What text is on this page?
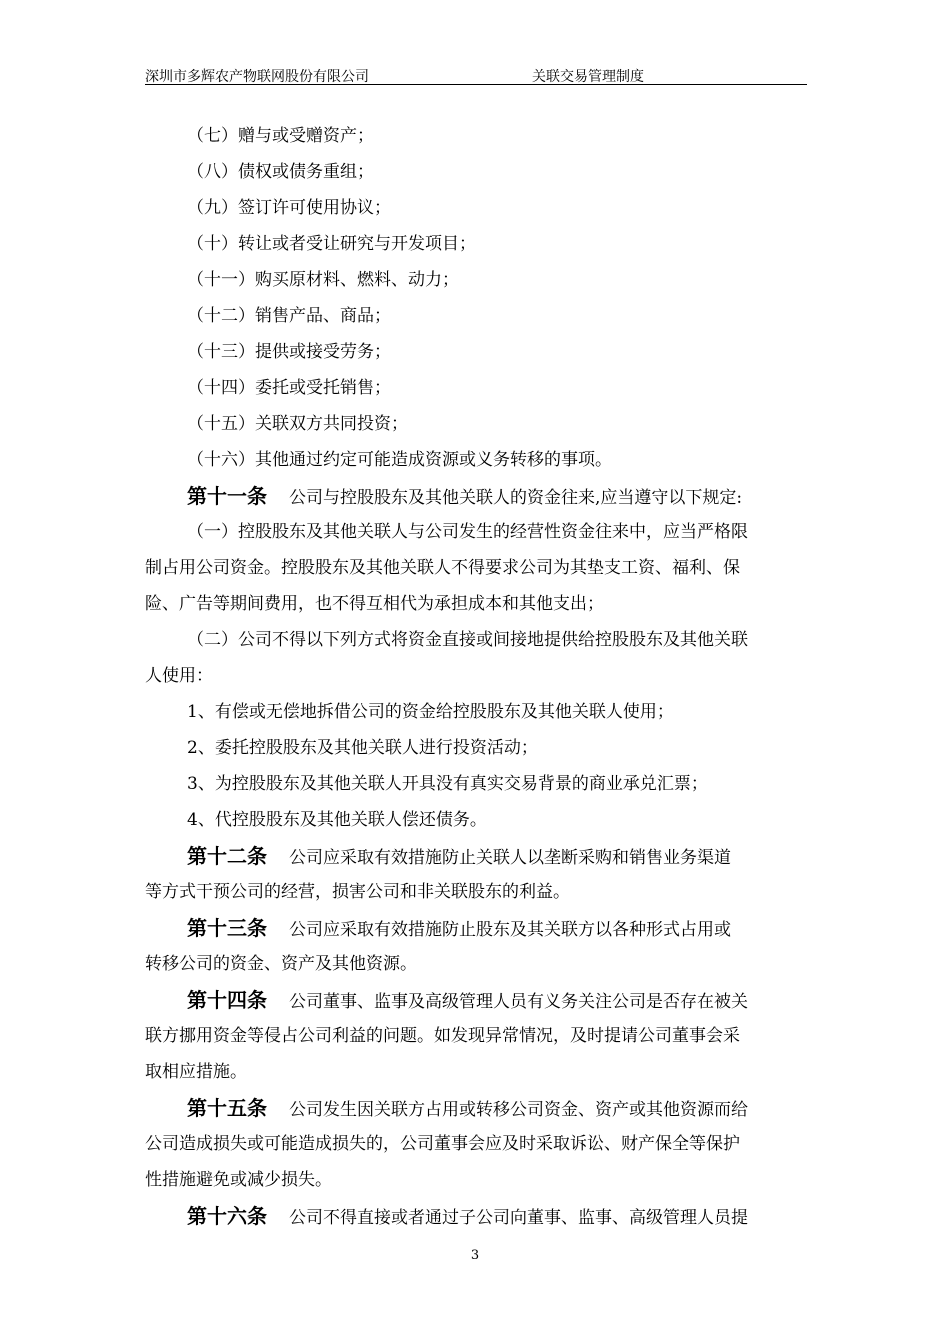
深圳市多辉农产物联网股份有限公司	关联交易管理制度
（七）赠与或受赠资产；
（八）债权或债务重组；
（九）签订许可使用协议；
（十）转让或者受让研究与开发项目；
（十一）购买原材料、燃料、动力；
（十二）销售产品、商品；
（十三）提供或接受劳务；
（十四）委托或受托销售；
（十五）关联双方共同投资；
（十六）其他通过约定可能造成资源或义务转移的事项。
第十一条 公司与控股股东及其他关联人的资金往来,应当遵守以下规定:
（一）控股股东及其他关联人与公司发生的经营性资金往来中，应当严格限
制占用公司资金。控股股东及其他关联人不得要求公司为其垫支工资、福利、保
险、广告等期间费用，也不得互相代为承担成本和其他支出；
（二）公司不得以下列方式将资金直接或间接地提供给控股股东及其他关联
人使用：
1、有偿或无偿地拆借公司的资金给控股股东及其他关联人使用；
2、委托控股股东及其他关联人进行投资活动；
3、为控股股东及其他关联人开具没有真实交易背景的商业承兑汇票；
4、代控股股东及其他关联人偿还债务。
第十二条 公司应采取有效措施防止关联人以垄断采购和销售业务渠道
等方式干预公司的经营，损害公司和非关联股东的利益。
第十三条 公司应采取有效措施防止股东及其关联方以各种形式占用或
转移公司的资金、资产及其他资源。
第十四条 公司董事、监事及高级管理人员有义务关注公司是否存在被关
联方挪用资金等侵占公司利益的问题。如发现异常情况，及时提请公司董事会采
取相应措施。
第十五条 公司发生因关联方占用或转移公司资金、资产或其他资源而给
公司造成损失或可能造成损失的，公司董事会应及时采取诉讼、财产保全等保护
性措施避免或减少损失。
第十六条 公司不得直接或者通过子公司向董事、监事、高级管理人员提
3
